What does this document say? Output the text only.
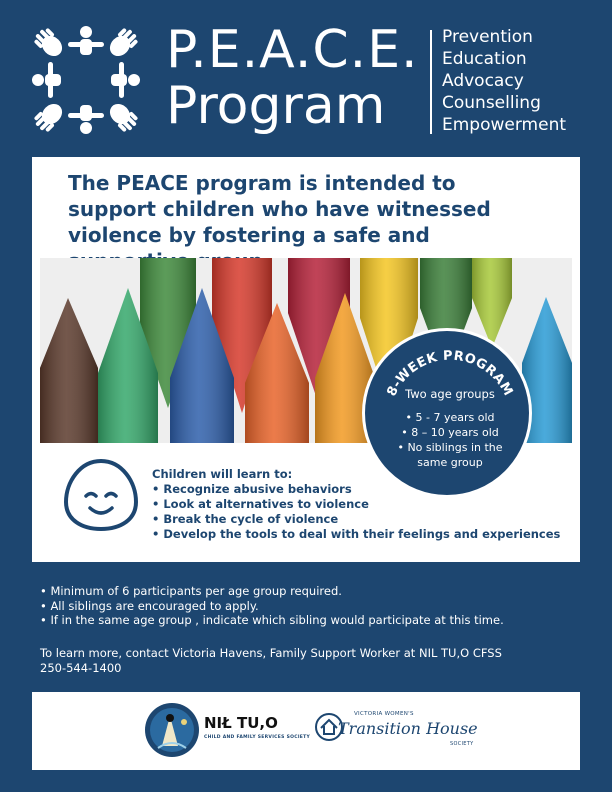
P.E.A.C.E.
Program
Prevention
Education
Advocacy
Counselling
Empowerment
The PEACE program is intended to support children who have witnessed violence by fostering a safe and
8-WEEK PROGRAM
Two age groups
• 5 - 7 years old
• 8 – 10 years old
• No siblings in the
same group
Children will learn to:
• Recognize abusive behaviors
• Look at alternatives to violence
• Break the cycle of violence
• Develop the tools to deal with their feelings and experiences
• Minimum of 6 participants per age group required.
• All siblings are encouraged to apply.
• If in the same age group , indicate which sibling would participate at this time.
To learn more, contact Victoria Havens, Family Support Worker at NIL TU,O CFSS
250-544-1400
NIŁ TU,O
CHILD AND FAMILY SERVICES SOCIETY
VICTORIA WOMEN'S
Transition House
SOCIETY
